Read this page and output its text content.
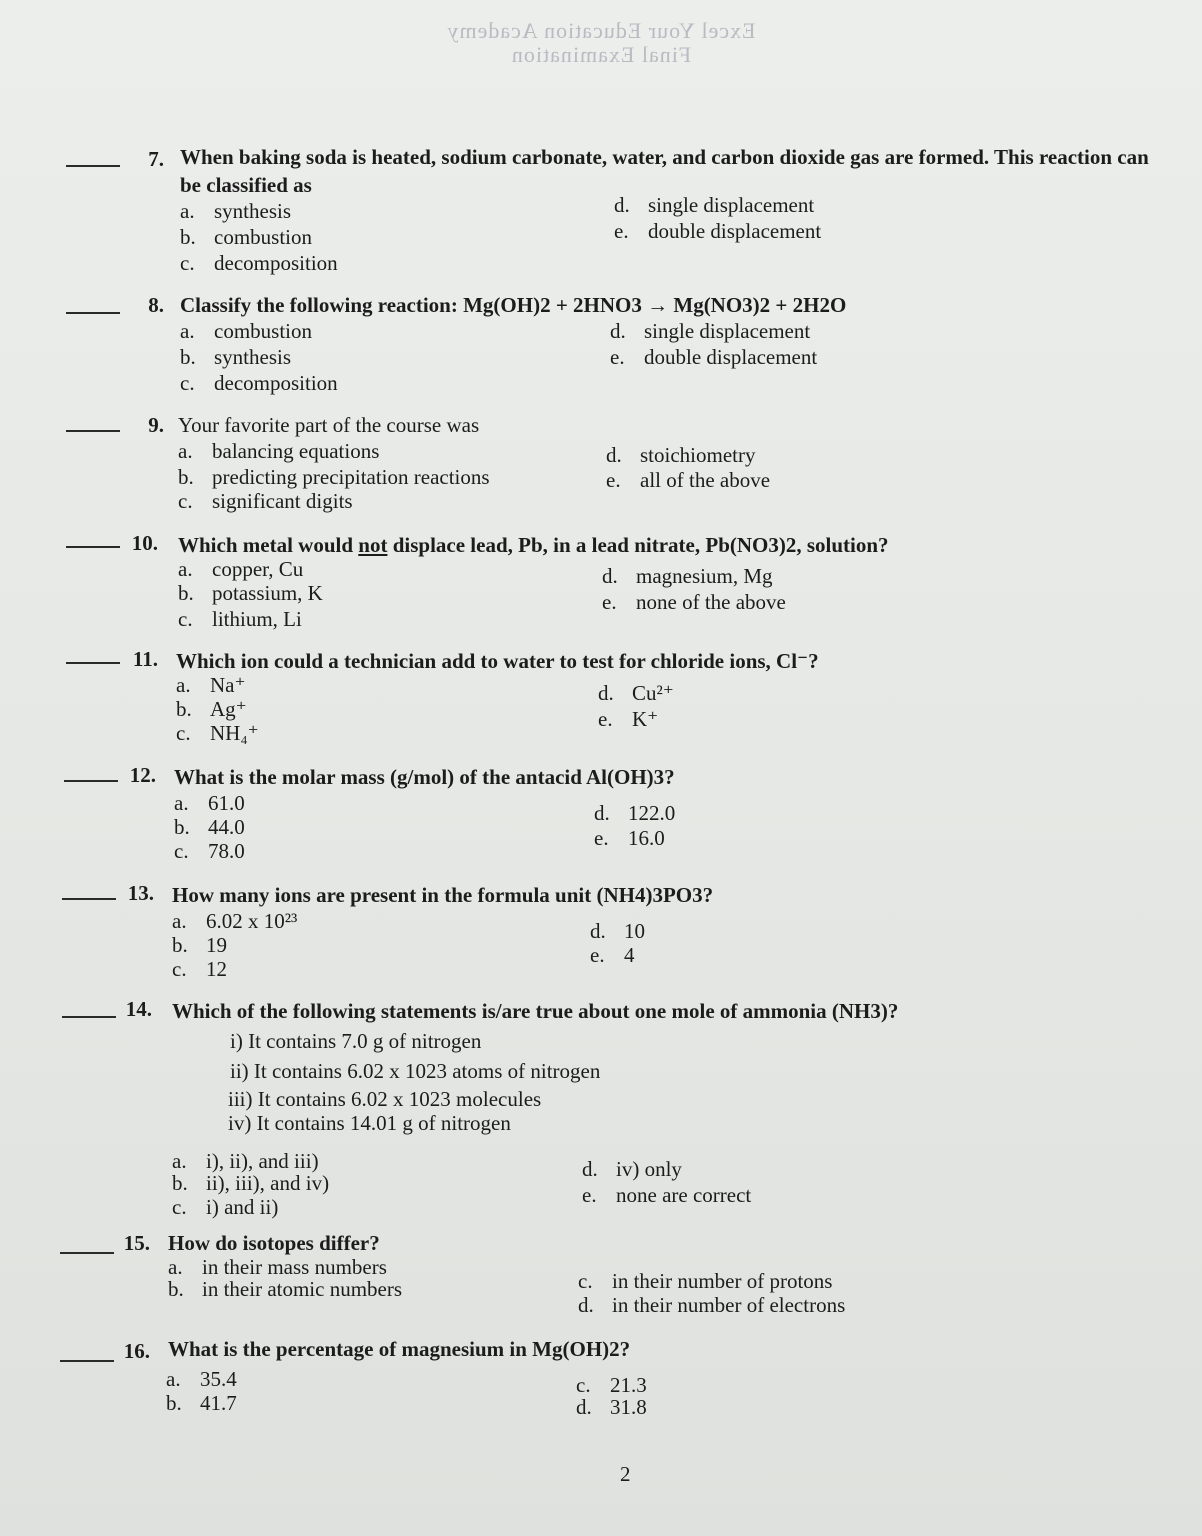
Excel Your Education Academy
Final Examination
7. When baking soda is heated, sodium carbonate, water, and carbon dioxide gas are formed. This reaction can
be classified as
a. synthesis
b. combustion
c. decomposition
d. single displacement
e. double displacement
8. Classify the following reaction: Mg(OH)2 + 2HNO3 → Mg(NO3)2 + 2H2O
a. combustion
b. synthesis
c. decomposition
d. single displacement
e. double displacement
9. Your favorite part of the course was
a. balancing equations
b. predicting precipitation reactions
c. significant digits
d. stoichiometry
e. all of the above
10. Which metal would not displace lead, Pb, in a lead nitrate, Pb(NO3)2, solution?
a. copper, Cu
b. potassium, K
c. lithium, Li
d. magnesium, Mg
e. none of the above
11. Which ion could a technician add to water to test for chloride ions, Cl⁻?
a. Na⁺
b. Ag⁺
c. NH₄⁺
d. Cu²⁺
e. K⁺
12. What is the molar mass (g/mol) of the antacid Al(OH)3?
a. 61.0
b. 44.0
c. 78.0
d. 122.0
e. 16.0
13. How many ions are present in the formula unit (NH4)3PO3?
a. 6.02 x 10²³
b. 19
c. 12
d. 10
e. 4
14. Which of the following statements is/are true about one mole of ammonia (NH3)?
i) It contains 7.0 g of nitrogen
ii) It contains 6.02 x 1023 atoms of nitrogen
iii) It contains 6.02 x 1023 molecules
iv) It contains 14.01 g of nitrogen
a. i), ii), and iii)
b. ii), iii), and iv)
c. i) and ii)
d. iv) only
e. none are correct
15. How do isotopes differ?
a. in their mass numbers
b. in their atomic numbers	c. in their number of protons
d. in their number of electrons
16. What is the percentage of magnesium in Mg(OH)2?
a. 35.4
b. 41.7
c. 21.3
d. 31.8
2
